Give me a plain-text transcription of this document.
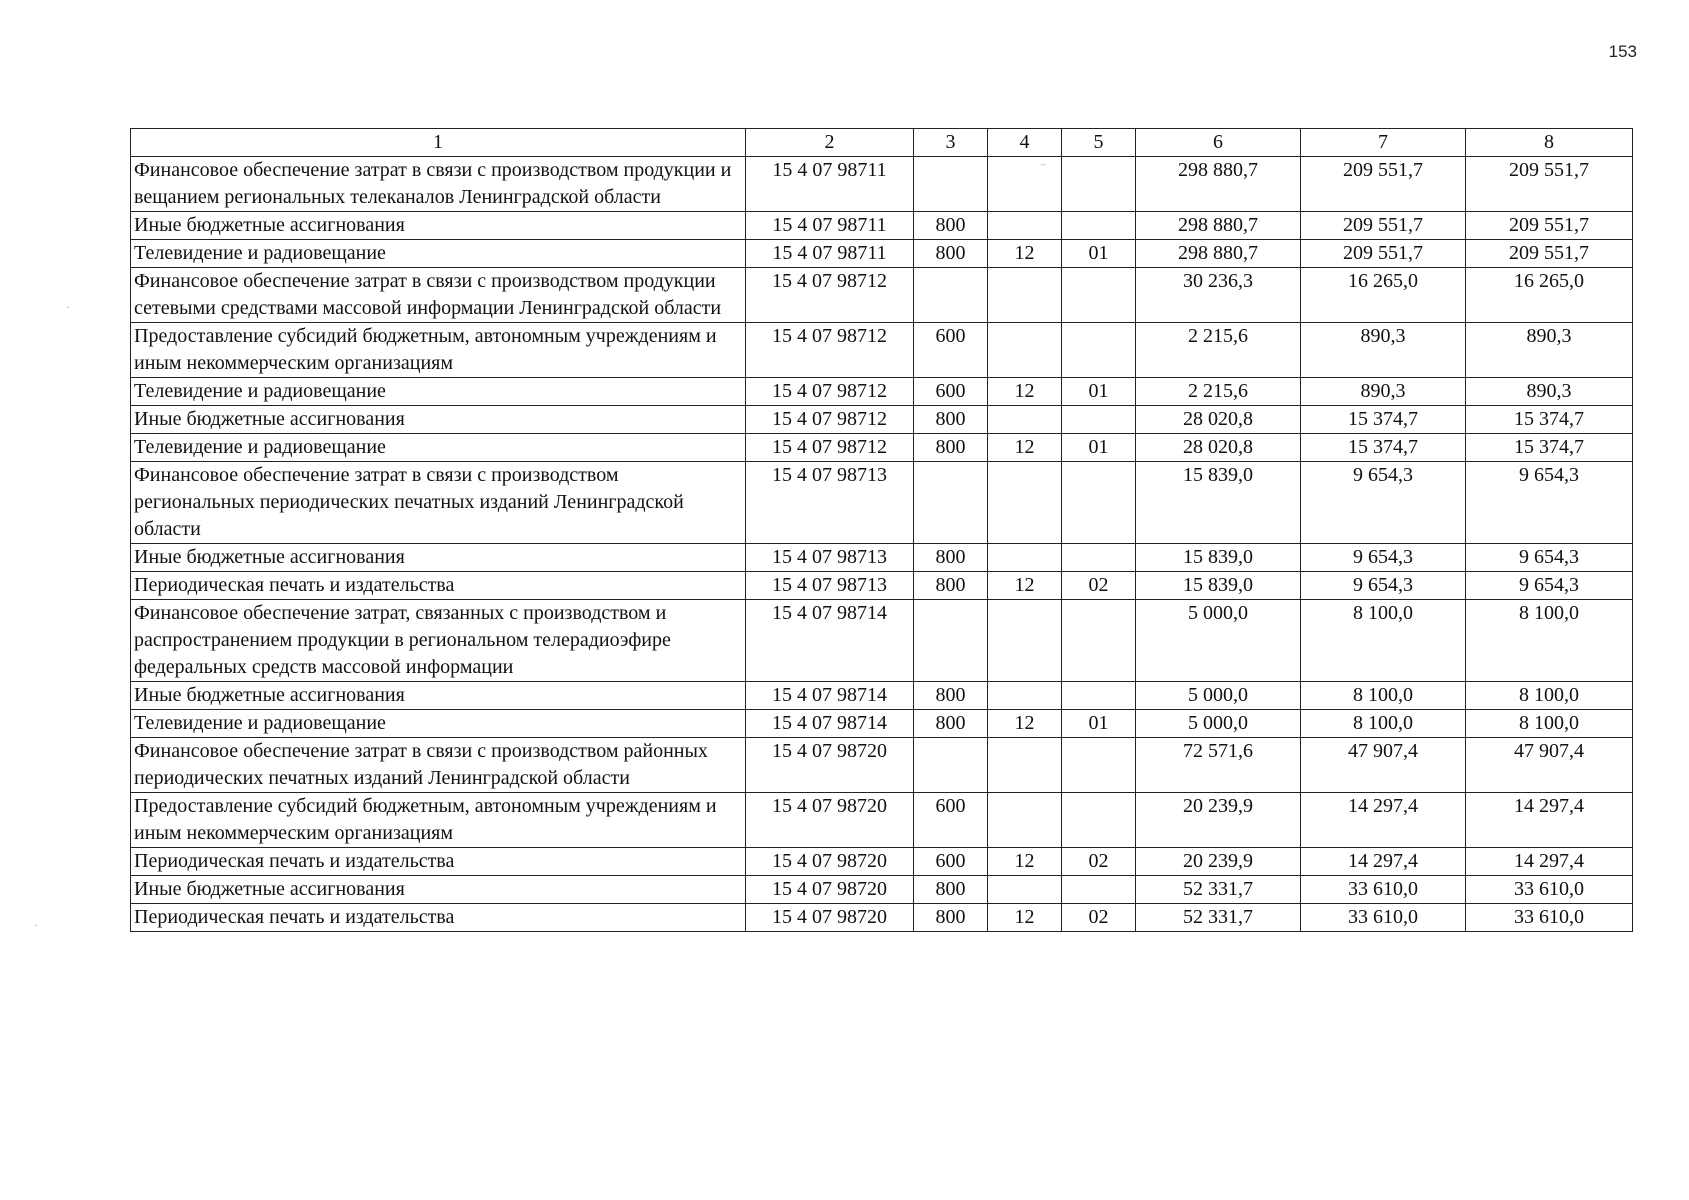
153
1	2	3	4	5	6	7	8
Финансовое обеспечение затрат в связи с производством продукции и вещанием региональных телеканалов Ленинградской области	15 4 07 98711				298 880,7	209 551,7	209 551,7
Иные бюджетные ассигнования	15 4 07 98711	800			298 880,7	209 551,7	209 551,7
Телевидение и радиовещание	15 4 07 98711	800	12	01	298 880,7	209 551,7	209 551,7
Финансовое обеспечение затрат в связи с производством продукции сетевыми средствами массовой информации Ленинградской области	15 4 07 98712				30 236,3	16 265,0	16 265,0
Предоставление субсидий бюджетным, автономным учреждениям и иным некоммерческим организациям	15 4 07 98712	600			2 215,6	890,3	890,3
Телевидение и радиовещание	15 4 07 98712	600	12	01	2 215,6	890,3	890,3
Иные бюджетные ассигнования	15 4 07 98712	800			28 020,8	15 374,7	15 374,7
Телевидение и радиовещание	15 4 07 98712	800	12	01	28 020,8	15 374,7	15 374,7
Финансовое обеспечение затрат в связи с производством региональных периодических печатных изданий Ленинградской области	15 4 07 98713				15 839,0	9 654,3	9 654,3
Иные бюджетные ассигнования	15 4 07 98713	800			15 839,0	9 654,3	9 654,3
Периодическая печать и издательства	15 4 07 98713	800	12	02	15 839,0	9 654,3	9 654,3
Финансовое обеспечение затрат, связанных с производством и распространением продукции в региональном телерадиоэфире федеральных средств массовой информации	15 4 07 98714				5 000,0	8 100,0	8 100,0
Иные бюджетные ассигнования	15 4 07 98714	800			5 000,0	8 100,0	8 100,0
Телевидение и радиовещание	15 4 07 98714	800	12	01	5 000,0	8 100,0	8 100,0
Финансовое обеспечение затрат в связи с производством районных периодических печатных изданий Ленинградской области	15 4 07 98720				72 571,6	47 907,4	47 907,4
Предоставление субсидий бюджетным, автономным учреждениям и иным некоммерческим организациям	15 4 07 98720	600			20 239,9	14 297,4	14 297,4
Периодическая печать и издательства	15 4 07 98720	600	12	02	20 239,9	14 297,4	14 297,4
Иные бюджетные ассигнования	15 4 07 98720	800			52 331,7	33 610,0	33 610,0
Периодическая печать и издательства	15 4 07 98720	800	12	02	52 331,7	33 610,0	33 610,0
⁻
·
·
